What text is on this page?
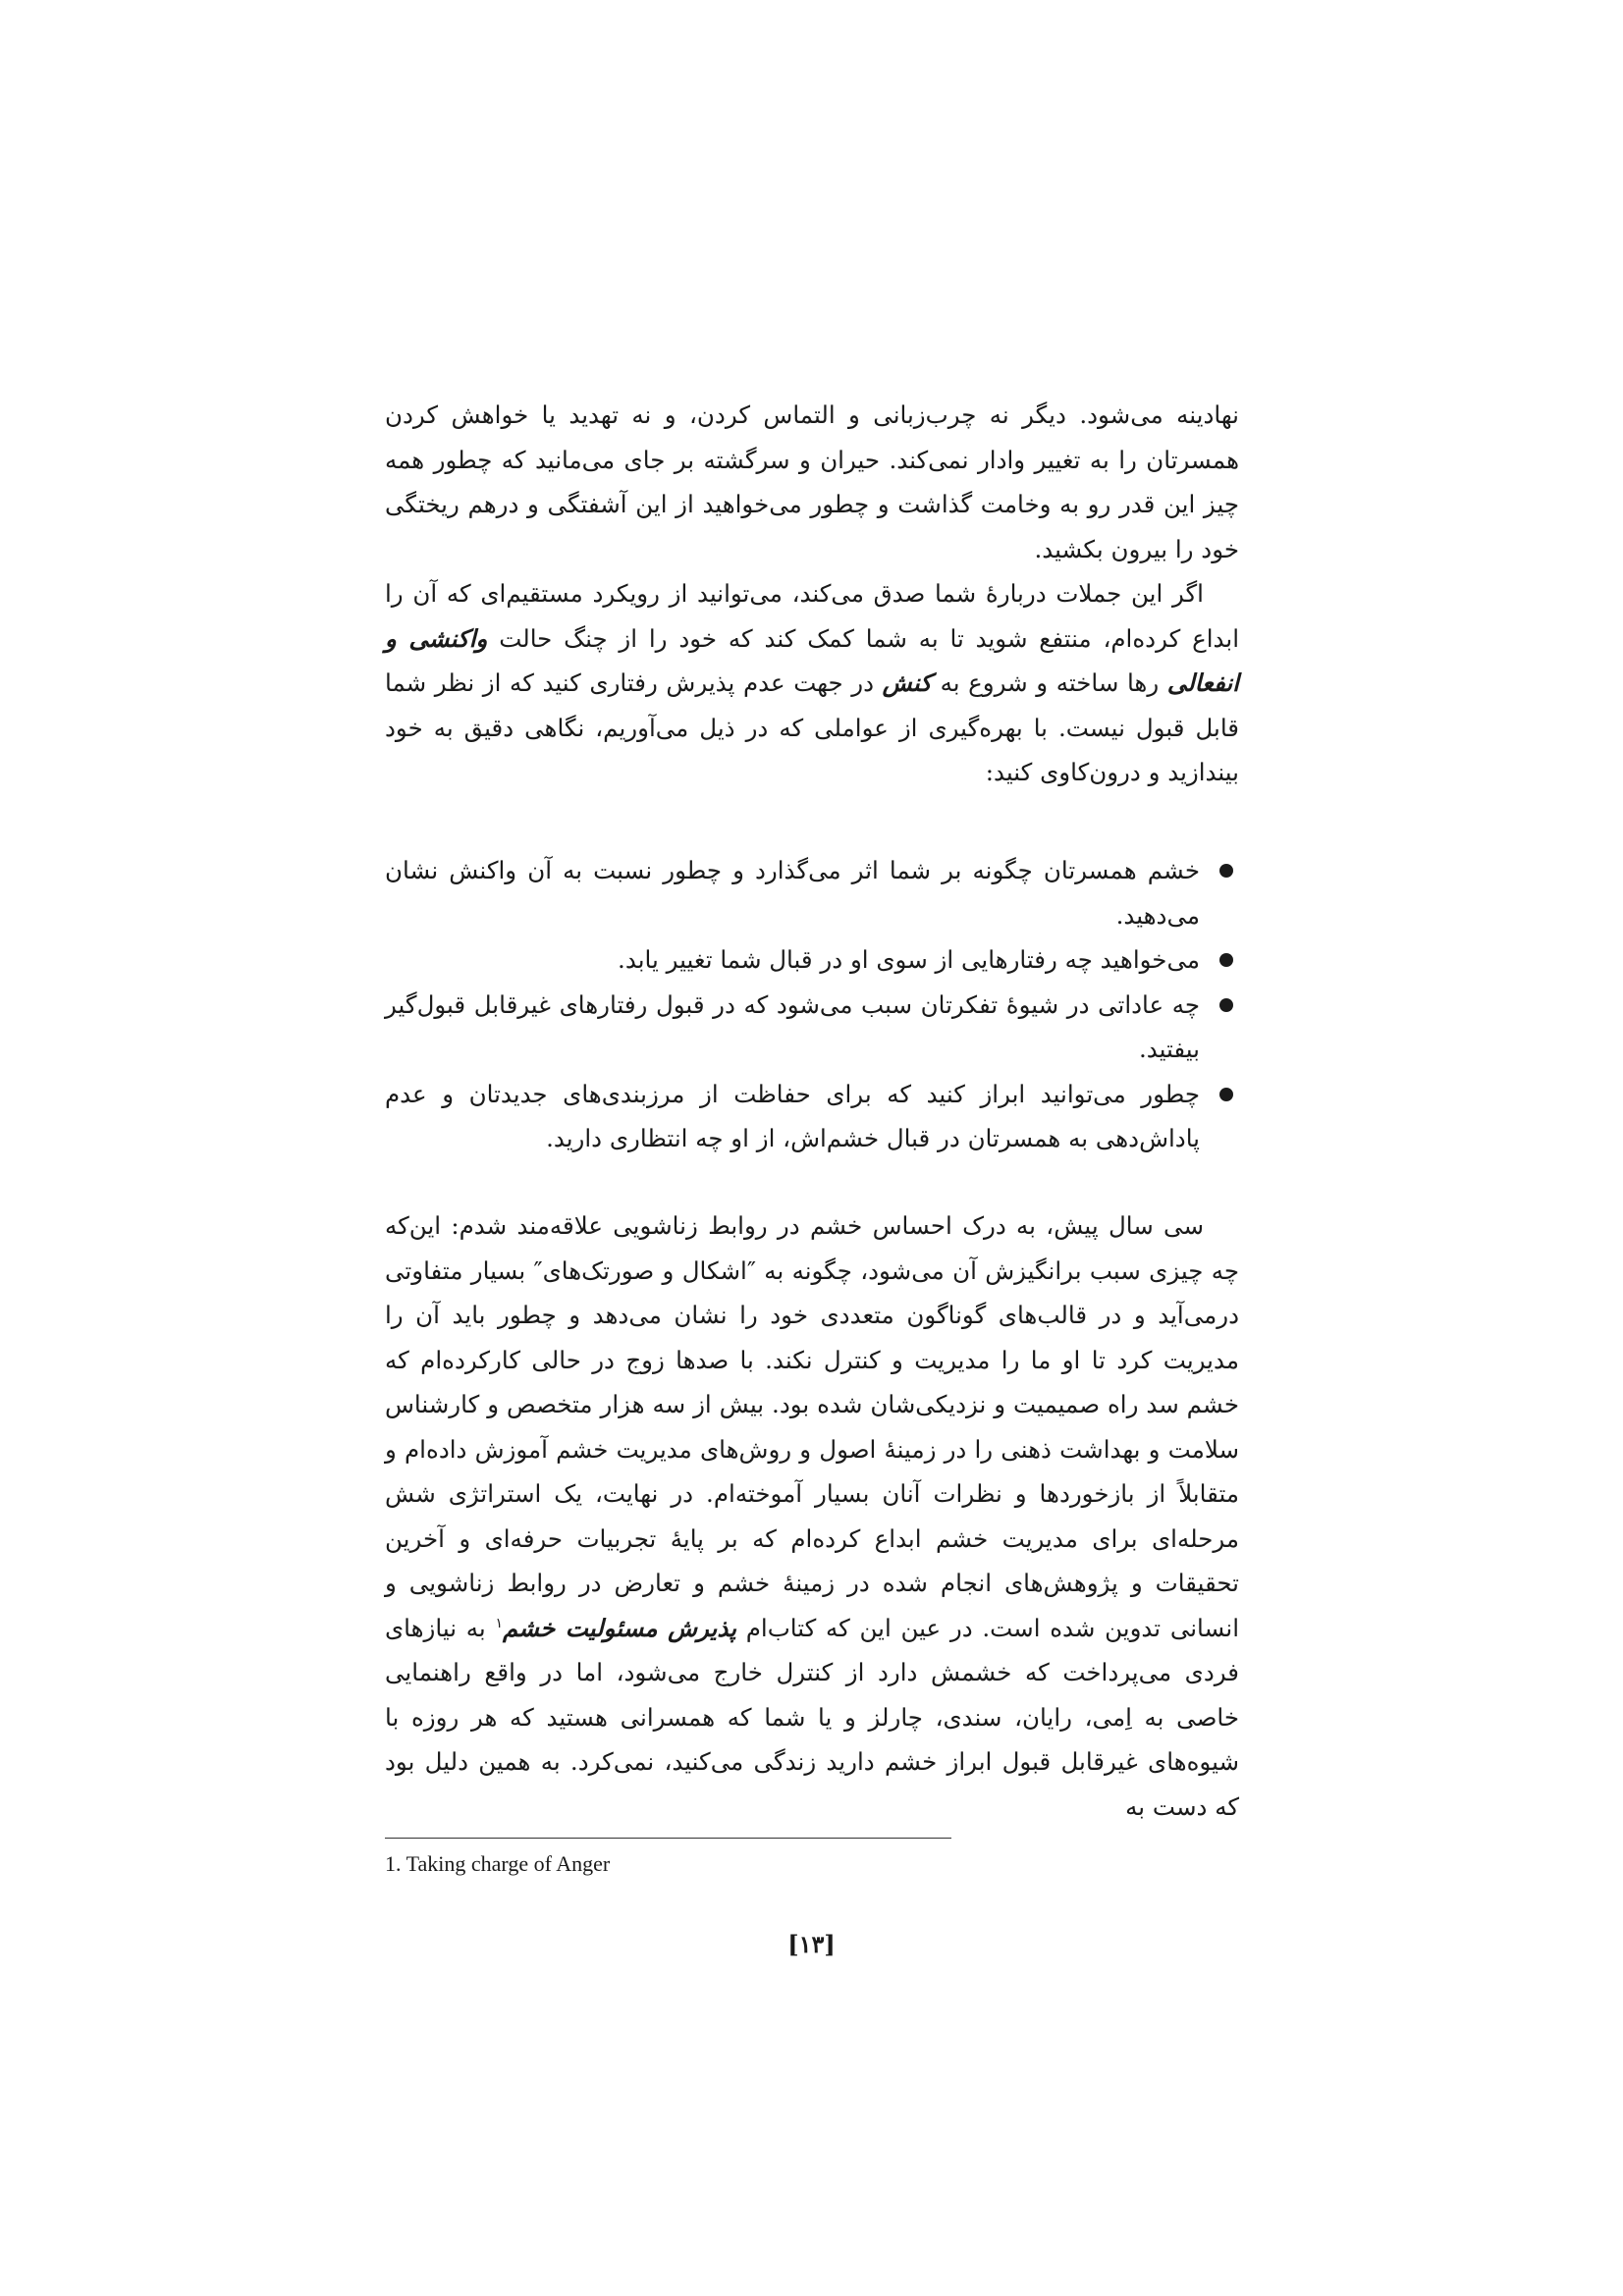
نهادینه می‌شود. دیگر نه چرب‌زبانی و التماس کردن، و نه تهدید یا خواهش کردن همسرتان را به تغییر وادار نمی‌کند. حیران و سرگشته بر جای می‌مانید که چطور همه چیز این قدر رو به وخامت گذاشت و چطور می‌خواهید از این آشفتگی و درهم ریختگی خود را بیرون بکشید.

اگر این جملات دربارهٔ شما صدق می‌کند، می‌توانید از رویکرد مستقیم‌ای که آن را ابداع کرده‌ام، منتفع شوید تا به شما کمک کند که خود را از چنگ حالت واکنشی و انفعالی رها ساخته و شروع به کنش در جهت عدم پذیرش رفتاری کنید که از نظر شما قابل قبول نیست. با بهره‌گیری از عواملی که در ذیل می‌آوریم، نگاهی دقیق به خود بیندازید و درون‌کاوی کنید:

خشم همسرتان چگونه بر شما اثر می‌گذارد و چطور نسبت به آن واکنش نشان می‌دهید.
می‌خواهید چه رفتارهایی از سوی او در قبال شما تغییر یابد.
چه عاداتی در شیوهٔ تفکرتان سبب می‌شود که در قبول رفتارهای غیرقابل قبول‌گیر بیفتید.
چطور می‌توانید ابراز کنید که برای حفاظت از مرزبندی‌های جدیدتان و عدم پاداش‌دهی به همسرتان در قبال خشم‌اش، از او چه انتظاری دارید.

سی سال پیش، به درک احساس خشم در روابط زناشویی علاقه‌مند شدم: این‌که چه چیزی سبب برانگیزش آن می‌شود، چگونه به ″اشکال و صورتک‌های″ بسیار متفاوتی درمی‌آید و در قالب‌های گوناگون متعددی خود را نشان می‌دهد و چطور باید آن را مدیریت کرد تا او ما را مدیریت و کنترل نکند. با صدها زوج در حالی کارکرده‌ام که خشم سد راه صمیمیت و نزدیکی‌شان شده بود. بیش از سه هزار متخصص و کارشناس سلامت و بهداشت ذهنی را در زمینهٔ اصول و روش‌های مدیریت خشم آموزش داده‌ام و متقابلاً از بازخوردها و نظرات آنان بسیار آموخته‌ام. در نهایت، یک استراتژی شش مرحله‌ای برای مدیریت خشم ابداع کرده‌ام که بر پایهٔ تجربیات حرفه‌ای و آخرین تحقیقات و پژوهش‌های انجام شده در زمینهٔ خشم و تعارض در روابط زناشویی و انسانی تدوین شده است. در عین این که کتاب‌ام پذیرش مسئولیت خشم$^۱$ به نیازهای فردی می‌پرداخت که خشمش دارد از کنترل خارج می‌شود، اما در واقع راهنمایی خاصی به اِمی، رایان، سندی، چارلز و یا شما که همسرانی هستید که هر روزه با شیوه‌های غیرقابل قبول ابراز خشم دارید زندگی می‌کنید، نمی‌کرد. به همین دلیل بود که دست به

1. Taking charge of Anger
[۱۳]
